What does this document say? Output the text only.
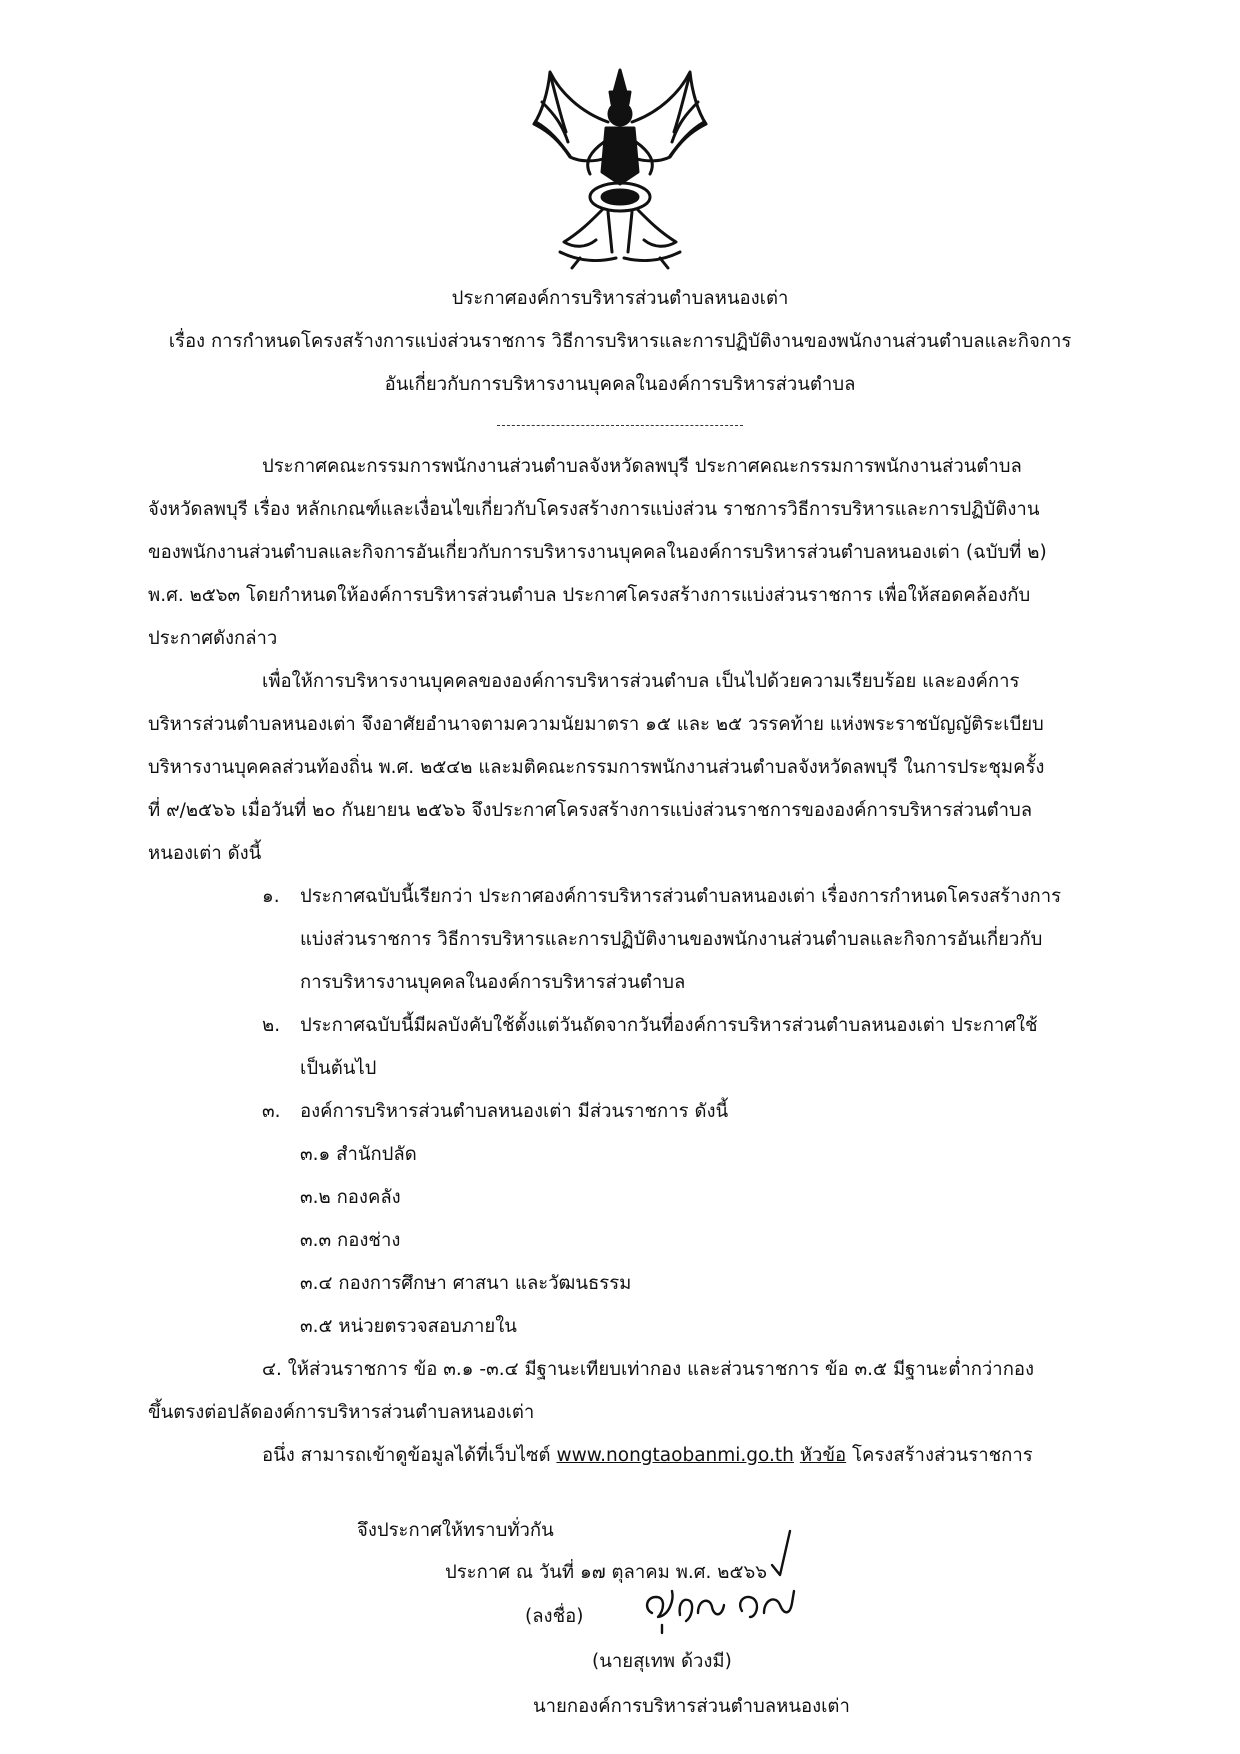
ประกาศองค์การบริหารส่วนตำบลหนองเต่า
เรื่อง การกำหนดโครงสร้างการแบ่งส่วนราชการ วิธีการบริหารและการปฏิบัติงานของพนักงานส่วนตำบลและกิจการ
อันเกี่ยวกับการบริหารงานบุคคลในองค์การบริหารส่วนตำบล
ประกาศคณะกรรมการพนักงานส่วนตำบลจังหวัดลพบุรี ประกาศคณะกรรมการพนักงานส่วนตำบล
จังหวัดลพบุรี เรื่อง หลักเกณฑ์และเงื่อนไขเกี่ยวกับโครงสร้างการแบ่งส่วน ราชการวิธีการบริหารและการปฏิบัติงาน
ของพนักงานส่วนตำบลและกิจการอันเกี่ยวกับการบริหารงานบุคคลในองค์การบริหารส่วนตำบลหนองเต่า (ฉบับที่ ๒)
พ.ศ. ๒๕๖๓ โดยกำหนดให้องค์การบริหารส่วนตำบล ประกาศโครงสร้างการแบ่งส่วนราชการ เพื่อให้สอดคล้องกับ
ประกาศดังกล่าว
เพื่อให้การบริหารงานบุคคลขององค์การบริหารส่วนตำบล เป็นไปด้วยความเรียบร้อย และองค์การ
บริหารส่วนตำบลหนองเต่า จึงอาศัยอำนาจตามความนัยมาตรา ๑๕ และ ๒๕ วรรคท้าย แห่งพระราชบัญญัติระเบียบ
บริหารงานบุคคลส่วนท้องถิ่น พ.ศ. ๒๕๔๒ และมติคณะกรรมการพนักงานส่วนตำบลจังหวัดลพบุรี ในการประชุมครั้ง
ที่ ๙/๒๕๖๖ เมื่อวันที่ ๒๐ กันยายน ๒๕๖๖ จึงประกาศโครงสร้างการแบ่งส่วนราชการขององค์การบริหารส่วนตำบล
หนองเต่า ดังนี้
๑. ประกาศฉบับนี้เรียกว่า ประกาศองค์การบริหารส่วนตำบลหนองเต่า เรื่องการกำหนดโครงสร้างการ
แบ่งส่วนราชการ วิธีการบริหารและการปฏิบัติงานของพนักงานส่วนตำบลและกิจการอันเกี่ยวกับ
การบริหารงานบุคคลในองค์การบริหารส่วนตำบล
๒. ประกาศฉบับนี้มีผลบังคับใช้ตั้งแต่วันถัดจากวันที่องค์การบริหารส่วนตำบลหนองเต่า ประกาศใช้
เป็นต้นไป
๓. องค์การบริหารส่วนตำบลหนองเต่า มีส่วนราชการ ดังนี้
๓.๑ สำนักปลัด
๓.๒ กองคลัง
๓.๓ กองช่าง
๓.๔ กองการศึกษา ศาสนา และวัฒนธรรม
๓.๕ หน่วยตรวจสอบภายใน
๔. ให้ส่วนราชการ ข้อ ๓.๑ -๓.๔ มีฐานะเทียบเท่ากอง และส่วนราชการ ข้อ ๓.๕ มีฐานะต่ำกว่ากอง
ขึ้นตรงต่อปลัดองค์การบริหารส่วนตำบลหนองเต่า
อนึ่ง สามารถเข้าดูข้อมูลได้ที่เว็บไซต์ www.nongtaobanmi.go.th หัวข้อ โครงสร้างส่วนราชการ
จึงประกาศให้ทราบทั่วกัน
ประกาศ ณ วันที่ ๑๗ ตุลาคม พ.ศ. ๒๕๖๖
(ลงชื่อ)
(นายสุเทพ ด้วงมี)
นายกองค์การบริหารส่วนตำบลหนองเต่า
